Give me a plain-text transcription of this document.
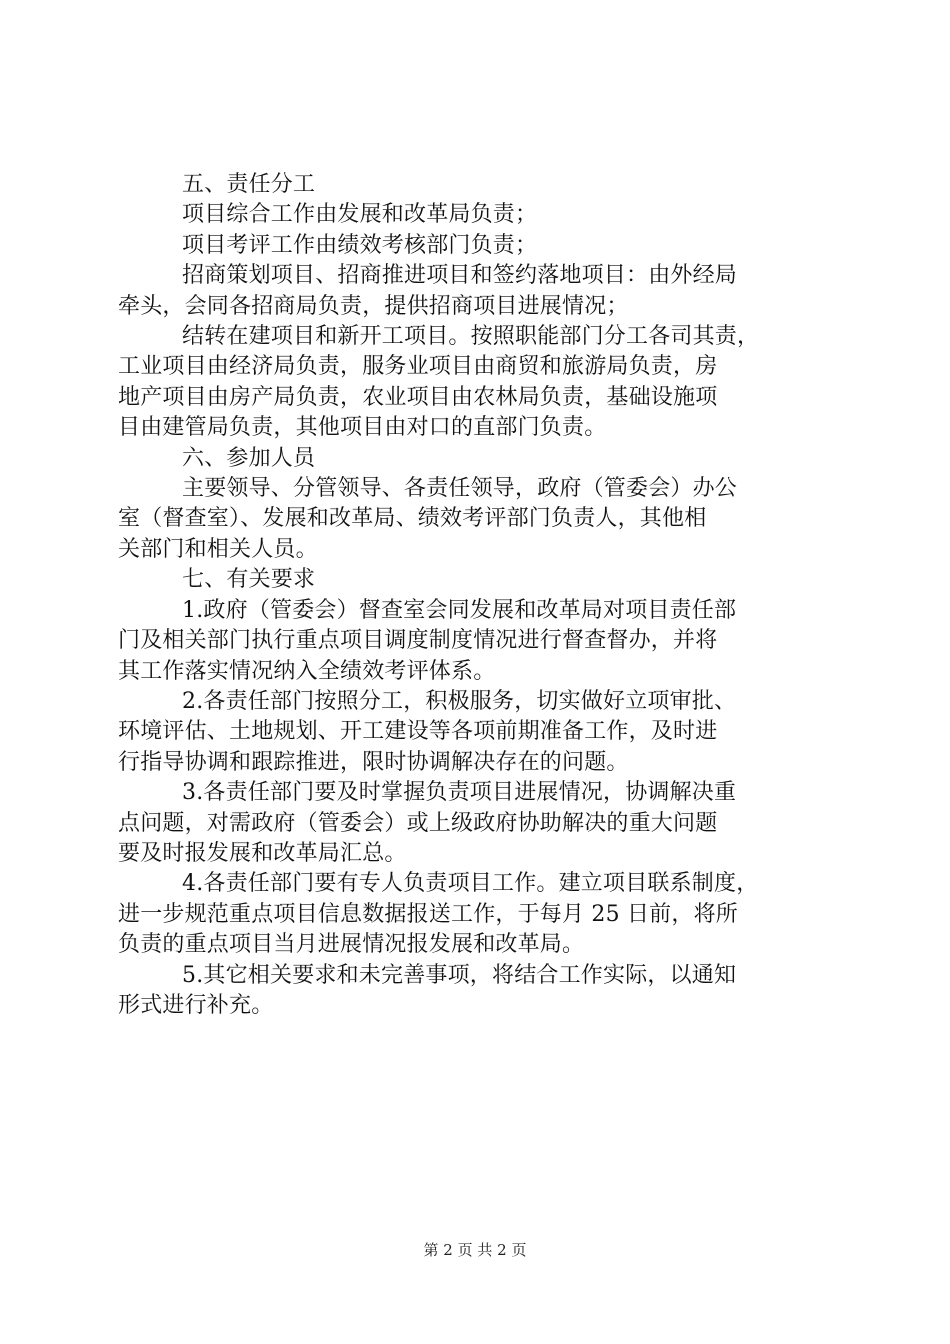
五、责任分工
项目综合工作由发展和改革局负责；
项目考评工作由绩效考核部门负责；
招商策划项目、招商推进项目和签约落地项目：由外经局
牵头，会同各招商局负责，提供招商项目进展情况；
结转在建项目和新开工项目。按照职能部门分工各司其责，
工业项目由经济局负责，服务业项目由商贸和旅游局负责，房
地产项目由房产局负责，农业项目由农林局负责，基础设施项
目由建管局负责，其他项目由对口的直部门负责。
六、参加人员
主要领导、分管领导、各责任领导，政府（管委会）办公
室（督查室）、发展和改革局、绩效考评部门负责人，其他相
关部门和相关人员。
七、有关要求
1.政府（管委会）督查室会同发展和改革局对项目责任部
门及相关部门执行重点项目调度制度情况进行督查督办，并将
其工作落实情况纳入全绩效考评体系。
2.各责任部门按照分工，积极服务，切实做好立项审批、
环境评估、土地规划、开工建设等各项前期准备工作，及时进
行指导协调和跟踪推进，限时协调解决存在的问题。
3.各责任部门要及时掌握负责项目进展情况，协调解决重
点问题，对需政府（管委会）或上级政府协助解决的重大问题
要及时报发展和改革局汇总。
4.各责任部门要有专人负责项目工作。建立项目联系制度，
进一步规范重点项目信息数据报送工作，于每月 25 日前，将所
负责的重点项目当月进展情况报发展和改革局。
5.其它相关要求和未完善事项，将结合工作实际，以通知
形式进行补充。
第 2 页 共 2 页
